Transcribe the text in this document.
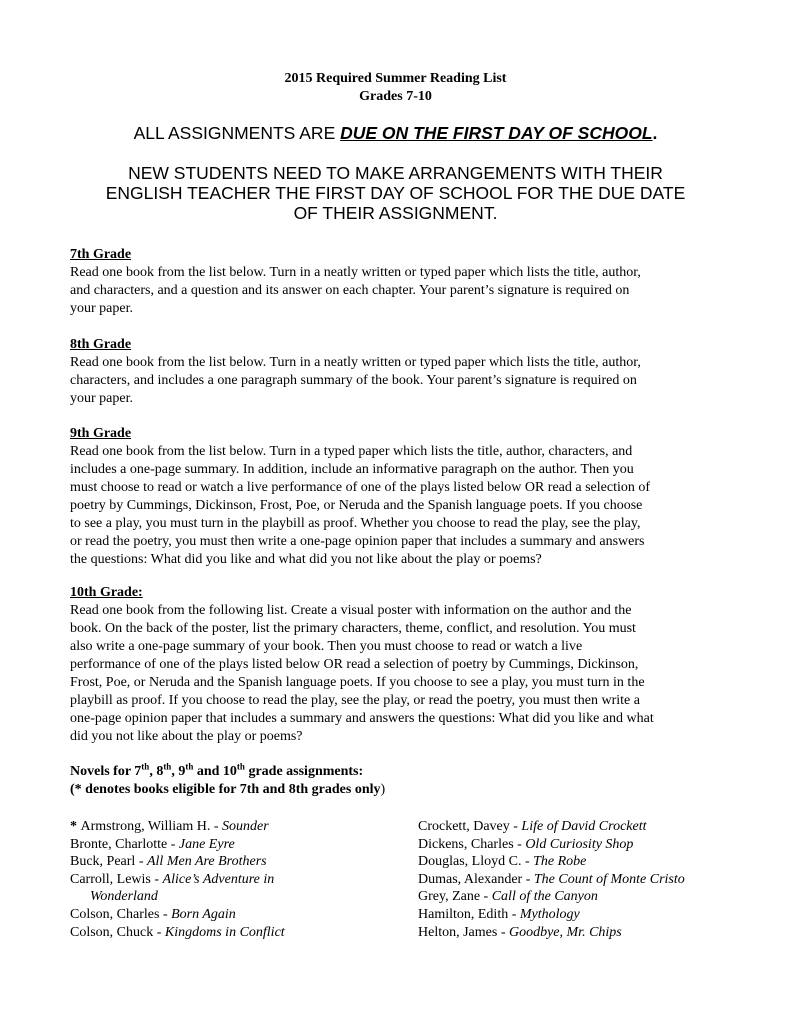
2015 Required Summer Reading List
Grades 7-10
ALL ASSIGNMENTS ARE DUE ON THE FIRST DAY OF SCHOOL.
NEW STUDENTS NEED TO MAKE ARRANGEMENTS WITH THEIR
ENGLISH TEACHER THE FIRST DAY OF SCHOOL FOR THE DUE DATE
OF THEIR ASSIGNMENT.
7th Grade

Read one book from the list below. Turn in a neatly written or typed paper which lists the title, author,

and characters, and a question and its answer on each chapter. Your parent’s signature is required on

your paper.

8th Grade

Read one book from the list below. Turn in a neatly written or typed paper which lists the title, author,

characters, and includes a one paragraph summary of the book. Your parent’s signature is required on

your paper.

9th Grade

Read one book from the list below. Turn in a typed paper which lists the title, author, characters, and

includes a one-page summary. In addition, include an informative paragraph on the author. Then you

must choose to read or watch a live performance of one of the plays listed below OR read a selection of

poetry by Cummings, Dickinson, Frost, Poe, or Neruda and the Spanish language poets. If you choose

to see a play, you must turn in the playbill as proof. Whether you choose to read the play, see the play,

or read the poetry, you must then write a one-page opinion paper that includes a summary and answers

the questions: What did you like and what did you not like about the play or poems?

10th Grade:

Read one book from the following list. Create a visual poster with information on the author and the

book. On the back of the poster, list the primary characters, theme, conflict, and resolution. You must

also write a one-page summary of your book. Then you must choose to read or watch a live

performance of one of the plays listed below OR read a selection of poetry by Cummings, Dickinson,

Frost, Poe, or Neruda and the Spanish language poets. If you choose to see a play, you must turn in the

playbill as proof. If you choose to read the play, see the play, or read the poetry, you must then write a

one-page opinion paper that includes a summary and answers the questions: What did you like and what

did you not like about the play or poems?

Novels for 7th, 8th, 9th and 10th grade assignments:
(* denotes books eligible for 7th and 8th grades only)
* Armstrong, William H. - Sounder
Bronte, Charlotte - Jane Eyre
Buck, Pearl - All Men Are Brothers
Carroll, Lewis - Alice’s Adventure in
Wonderland
Colson, Charles - Born Again
Colson, Chuck - Kingdoms in Conflict
Crockett, Davey - Life of David Crockett
Dickens, Charles - Old Curiosity Shop
Douglas, Lloyd C. - The Robe
Dumas, Alexander - The Count of Monte Cristo
Grey, Zane - Call of the Canyon
Hamilton, Edith - Mythology
Helton, James - Goodbye, Mr. Chips
